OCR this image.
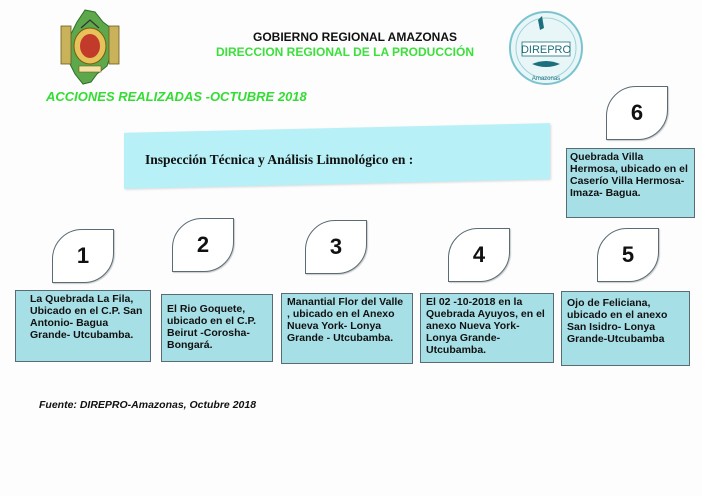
GOBIERNO REGIONAL AMAZONAS
DIRECCION REGIONAL DE LA PRODUCCIÓN	DIREPRO
Amazonas
ACCIONES REALIZADAS -OCTUBRE 2018
Inspección Técnica y Análisis Limnológico en :
1
La Quebrada La Fila, Ubicado en el C.P. San Antonio- Bagua Grande- Utcubamba.
2
El Rio Goquete, ubicado en el C.P. Beirut -Corosha- Bongará.
3
Manantial Flor del Valle , ubicado en el Anexo Nueva York- Lonya Grande - Utcubamba.
4
El 02 -10-2018 en la Quebrada Ayuyos, en el anexo Nueva York- Lonya Grande- Utcubamba.
5
Ojo de Feliciana, ubicado en el anexo San Isidro- Lonya Grande-Utcubamba
6
Quebrada Villa Hermosa, ubicado en el Caserío Villa Hermosa- Imaza- Bagua.
Fuente: DIREPRO-Amazonas, Octubre 2018
